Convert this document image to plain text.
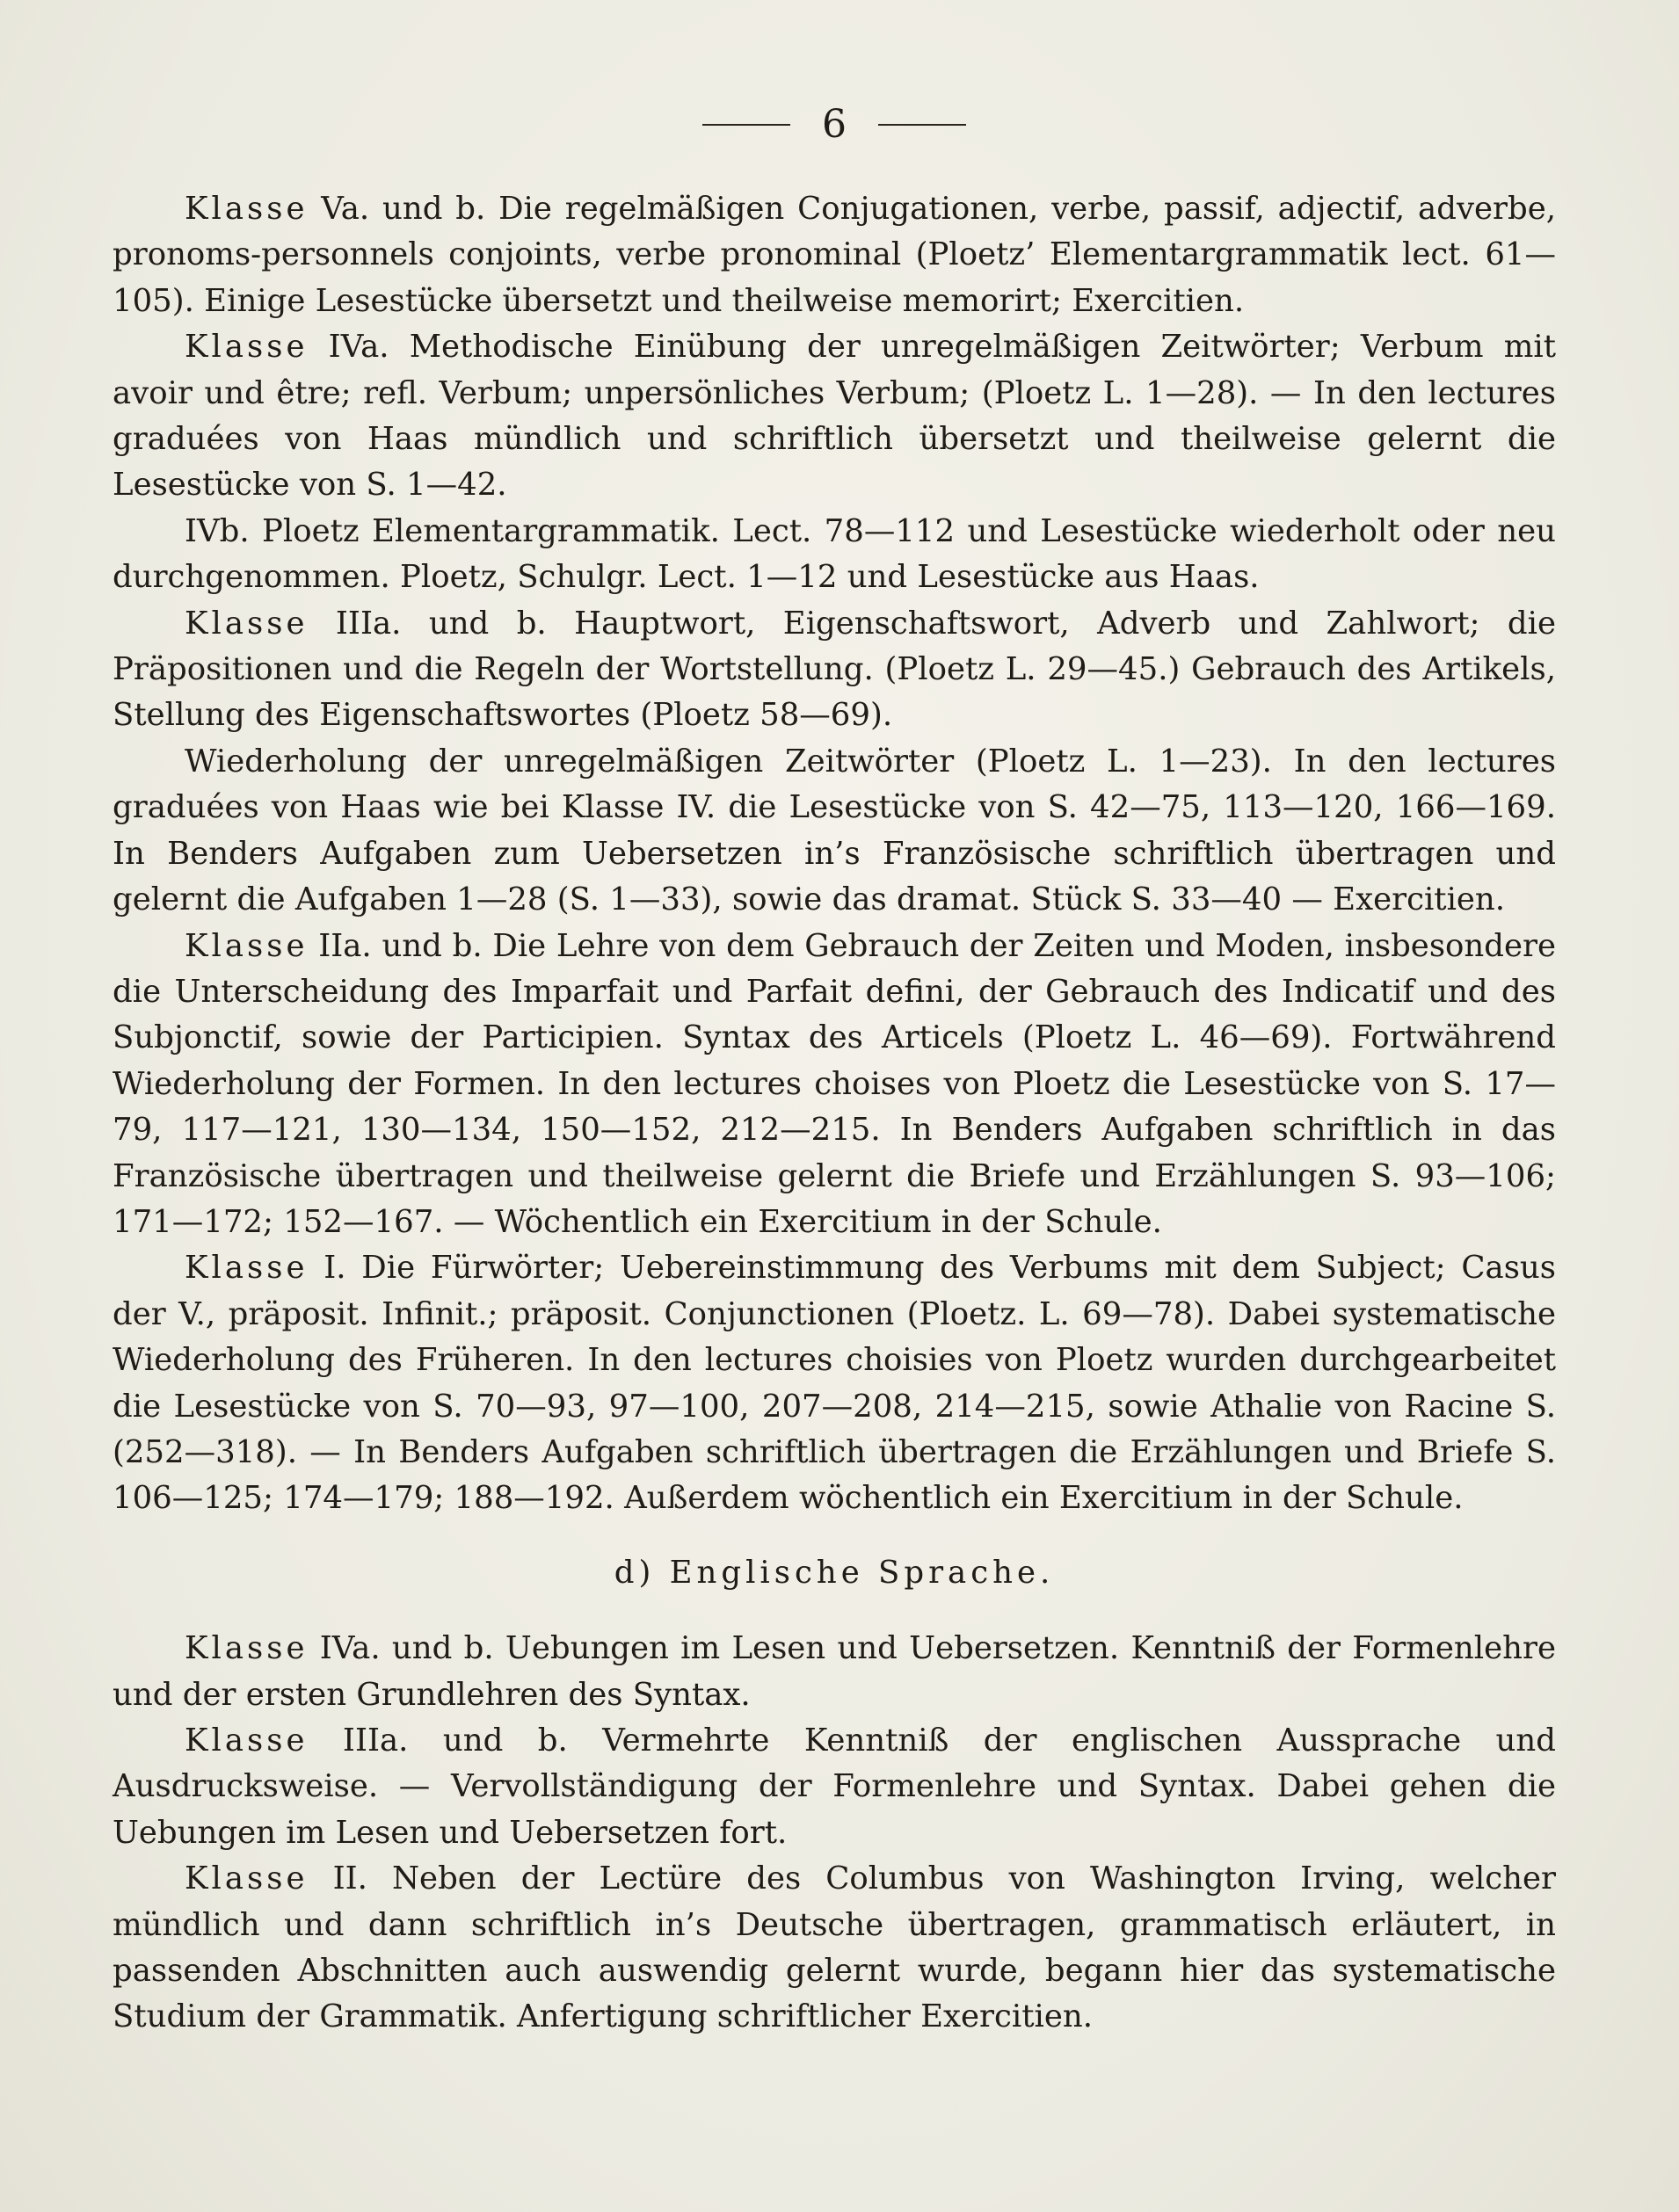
6

Klasse Va. und b. Die regelmäßigen Conjugationen, verbe, passif, adjectif, adverbe, pronoms-personnels conjoints, verbe pronominal (Ploetz’ Elementargrammatik lect. 61—105). Einige Lesestücke übersetzt und theilweise memorirt; Exercitien.

Klasse IVa. Methodische Einübung der unregelmäßigen Zeitwörter; Verbum mit avoir und être; refl. Verbum; unpersönliches Verbum; (Ploetz L. 1—28). — In den lectures graduées von Haas mündlich und schriftlich übersetzt und theilweise gelernt die Lesestücke von S. 1—42.

IVb. Ploetz Elementargrammatik. Lect. 78—112 und Lesestücke wiederholt oder neu durchgenommen. Ploetz, Schulgr. Lect. 1—12 und Lesestücke aus Haas.

Klasse IIIa. und b. Hauptwort, Eigenschaftswort, Adverb und Zahlwort; die Präpositionen und die Regeln der Wortstellung. (Ploetz L. 29—45.) Gebrauch des Artikels, Stellung des Eigenschaftswortes (Ploetz 58—69).

Wiederholung der unregelmäßigen Zeitwörter (Ploetz L. 1—23). In den lectures graduées von Haas wie bei Klasse IV. die Lesestücke von S. 42—75, 113—120, 166—169. In Benders Aufgaben zum Uebersetzen in’s Französische schriftlich übertragen und gelernt die Aufgaben 1—28 (S. 1—33), sowie das dramat. Stück S. 33—40 — Exercitien.

Klasse IIa. und b. Die Lehre von dem Gebrauch der Zeiten und Moden, insbesondere die Unterscheidung des Imparfait und Parfait defini, der Gebrauch des Indicatif und des Subjonctif, sowie der Participien. Syntax des Articels (Ploetz L. 46—69). Fortwährend Wiederholung der Formen. In den lectures choises von Ploetz die Lesestücke von S. 17—79, 117—121, 130—134, 150—152, 212—215. In Benders Aufgaben schriftlich in das Französische übertragen und theilweise gelernt die Briefe und Erzählungen S. 93—106; 171—172; 152—167. — Wöchentlich ein Exercitium in der Schule.

Klasse I. Die Fürwörter; Uebereinstimmung des Verbums mit dem Subject; Casus der V., präposit. Infinit.; präposit. Conjunctionen (Ploetz. L. 69—78). Dabei systematische Wiederholung des Früheren. In den lectures choisies von Ploetz wurden durchgearbeitet die Lesestücke von S. 70—93, 97—100, 207—208, 214—215, sowie Athalie von Racine S. (252—318). — In Benders Aufgaben schriftlich übertragen die Erzählungen und Briefe S. 106—125; 174—179; 188—192. Außerdem wöchentlich ein Exercitium in der Schule.

d) Englische Sprache.

Klasse IVa. und b. Uebungen im Lesen und Uebersetzen. Kenntniß der Formenlehre und der ersten Grundlehren des Syntax.

Klasse IIIa. und b. Vermehrte Kenntniß der englischen Aussprache und Ausdrucksweise. — Vervollständigung der Formenlehre und Syntax. Dabei gehen die Uebungen im Lesen und Uebersetzen fort.

Klasse II. Neben der Lectüre des Columbus von Washington Irving, welcher mündlich und dann schriftlich in’s Deutsche übertragen, grammatisch erläutert, in passenden Abschnitten auch auswendig gelernt wurde, begann hier das systematische Studium der Grammatik. Anfertigung schriftlicher Exercitien.
